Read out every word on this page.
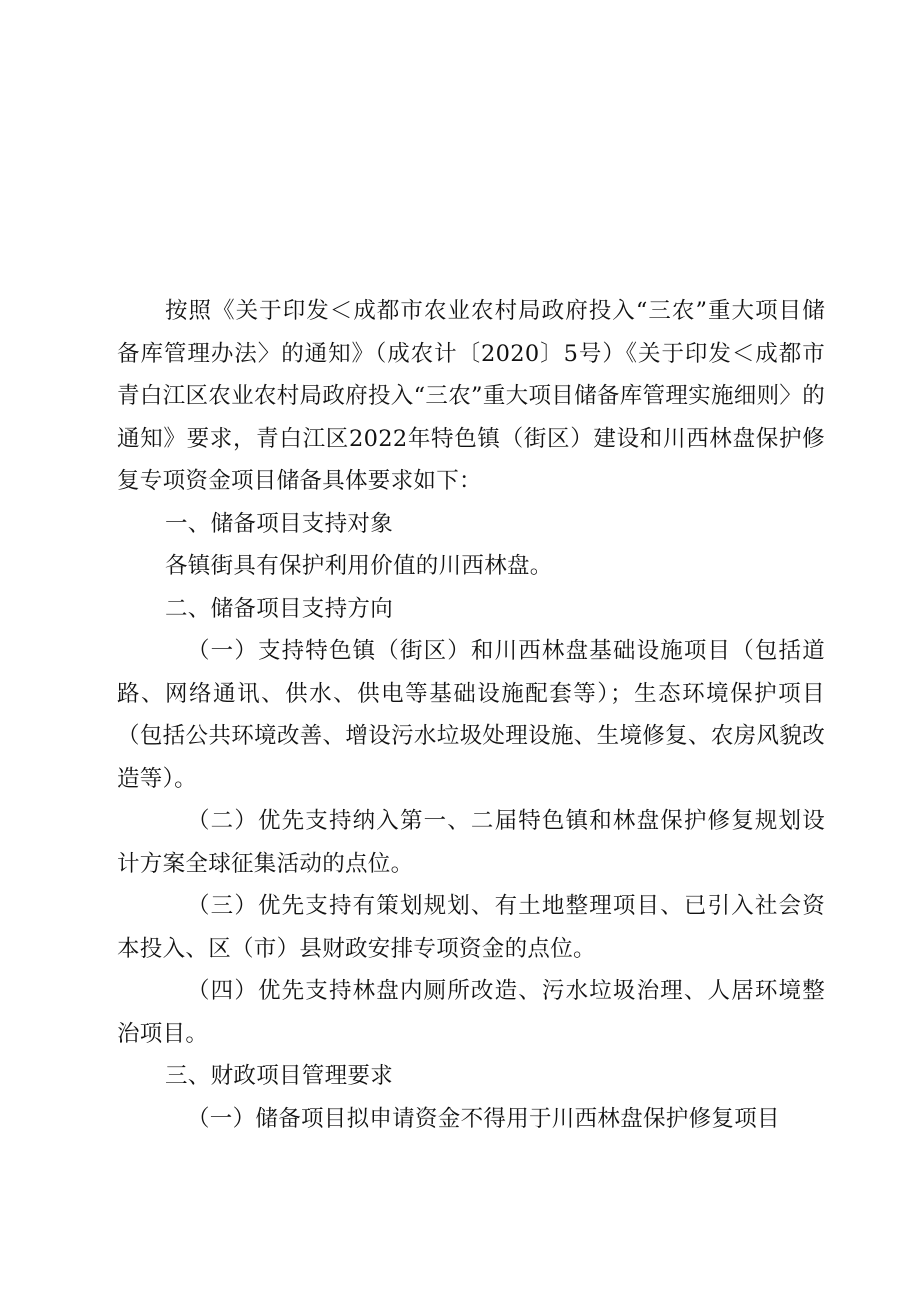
按照《关于印发＜成都市农业农村局政府投入“三农”重大项目储备库管理办法〉的通知》（成农计〔2020〕5号）《关于印发＜成都市青白江区农业农村局政府投入“三农”重大项目储备库管理实施细则〉的通知》要求，青白江区2022年特色镇（街区）建设和川西林盘保护修复专项资金项目储备具体要求如下：

一、储备项目支持对象

各镇街具有保护利用价值的川西林盘。

二、储备项目支持方向

（一）支持特色镇（街区）和川西林盘基础设施项目（包括道路、网络通讯、供水、供电等基础设施配套等）；生态环境保护项目（包括公共环境改善、增设污水垃圾处理设施、生境修复、农房风貌改造等）。

（二）优先支持纳入第一、二届特色镇和林盘保护修复规划设计方案全球征集活动的点位。

（三）优先支持有策划规划、有土地整理项目、已引入社会资本投入、区（市）县财政安排专项资金的点位。

（四）优先支持林盘内厕所改造、污水垃圾治理、人居环境整治项目。

三、财政项目管理要求

（一）储备项目拟申请资金不得用于川西林盘保护修复项目
